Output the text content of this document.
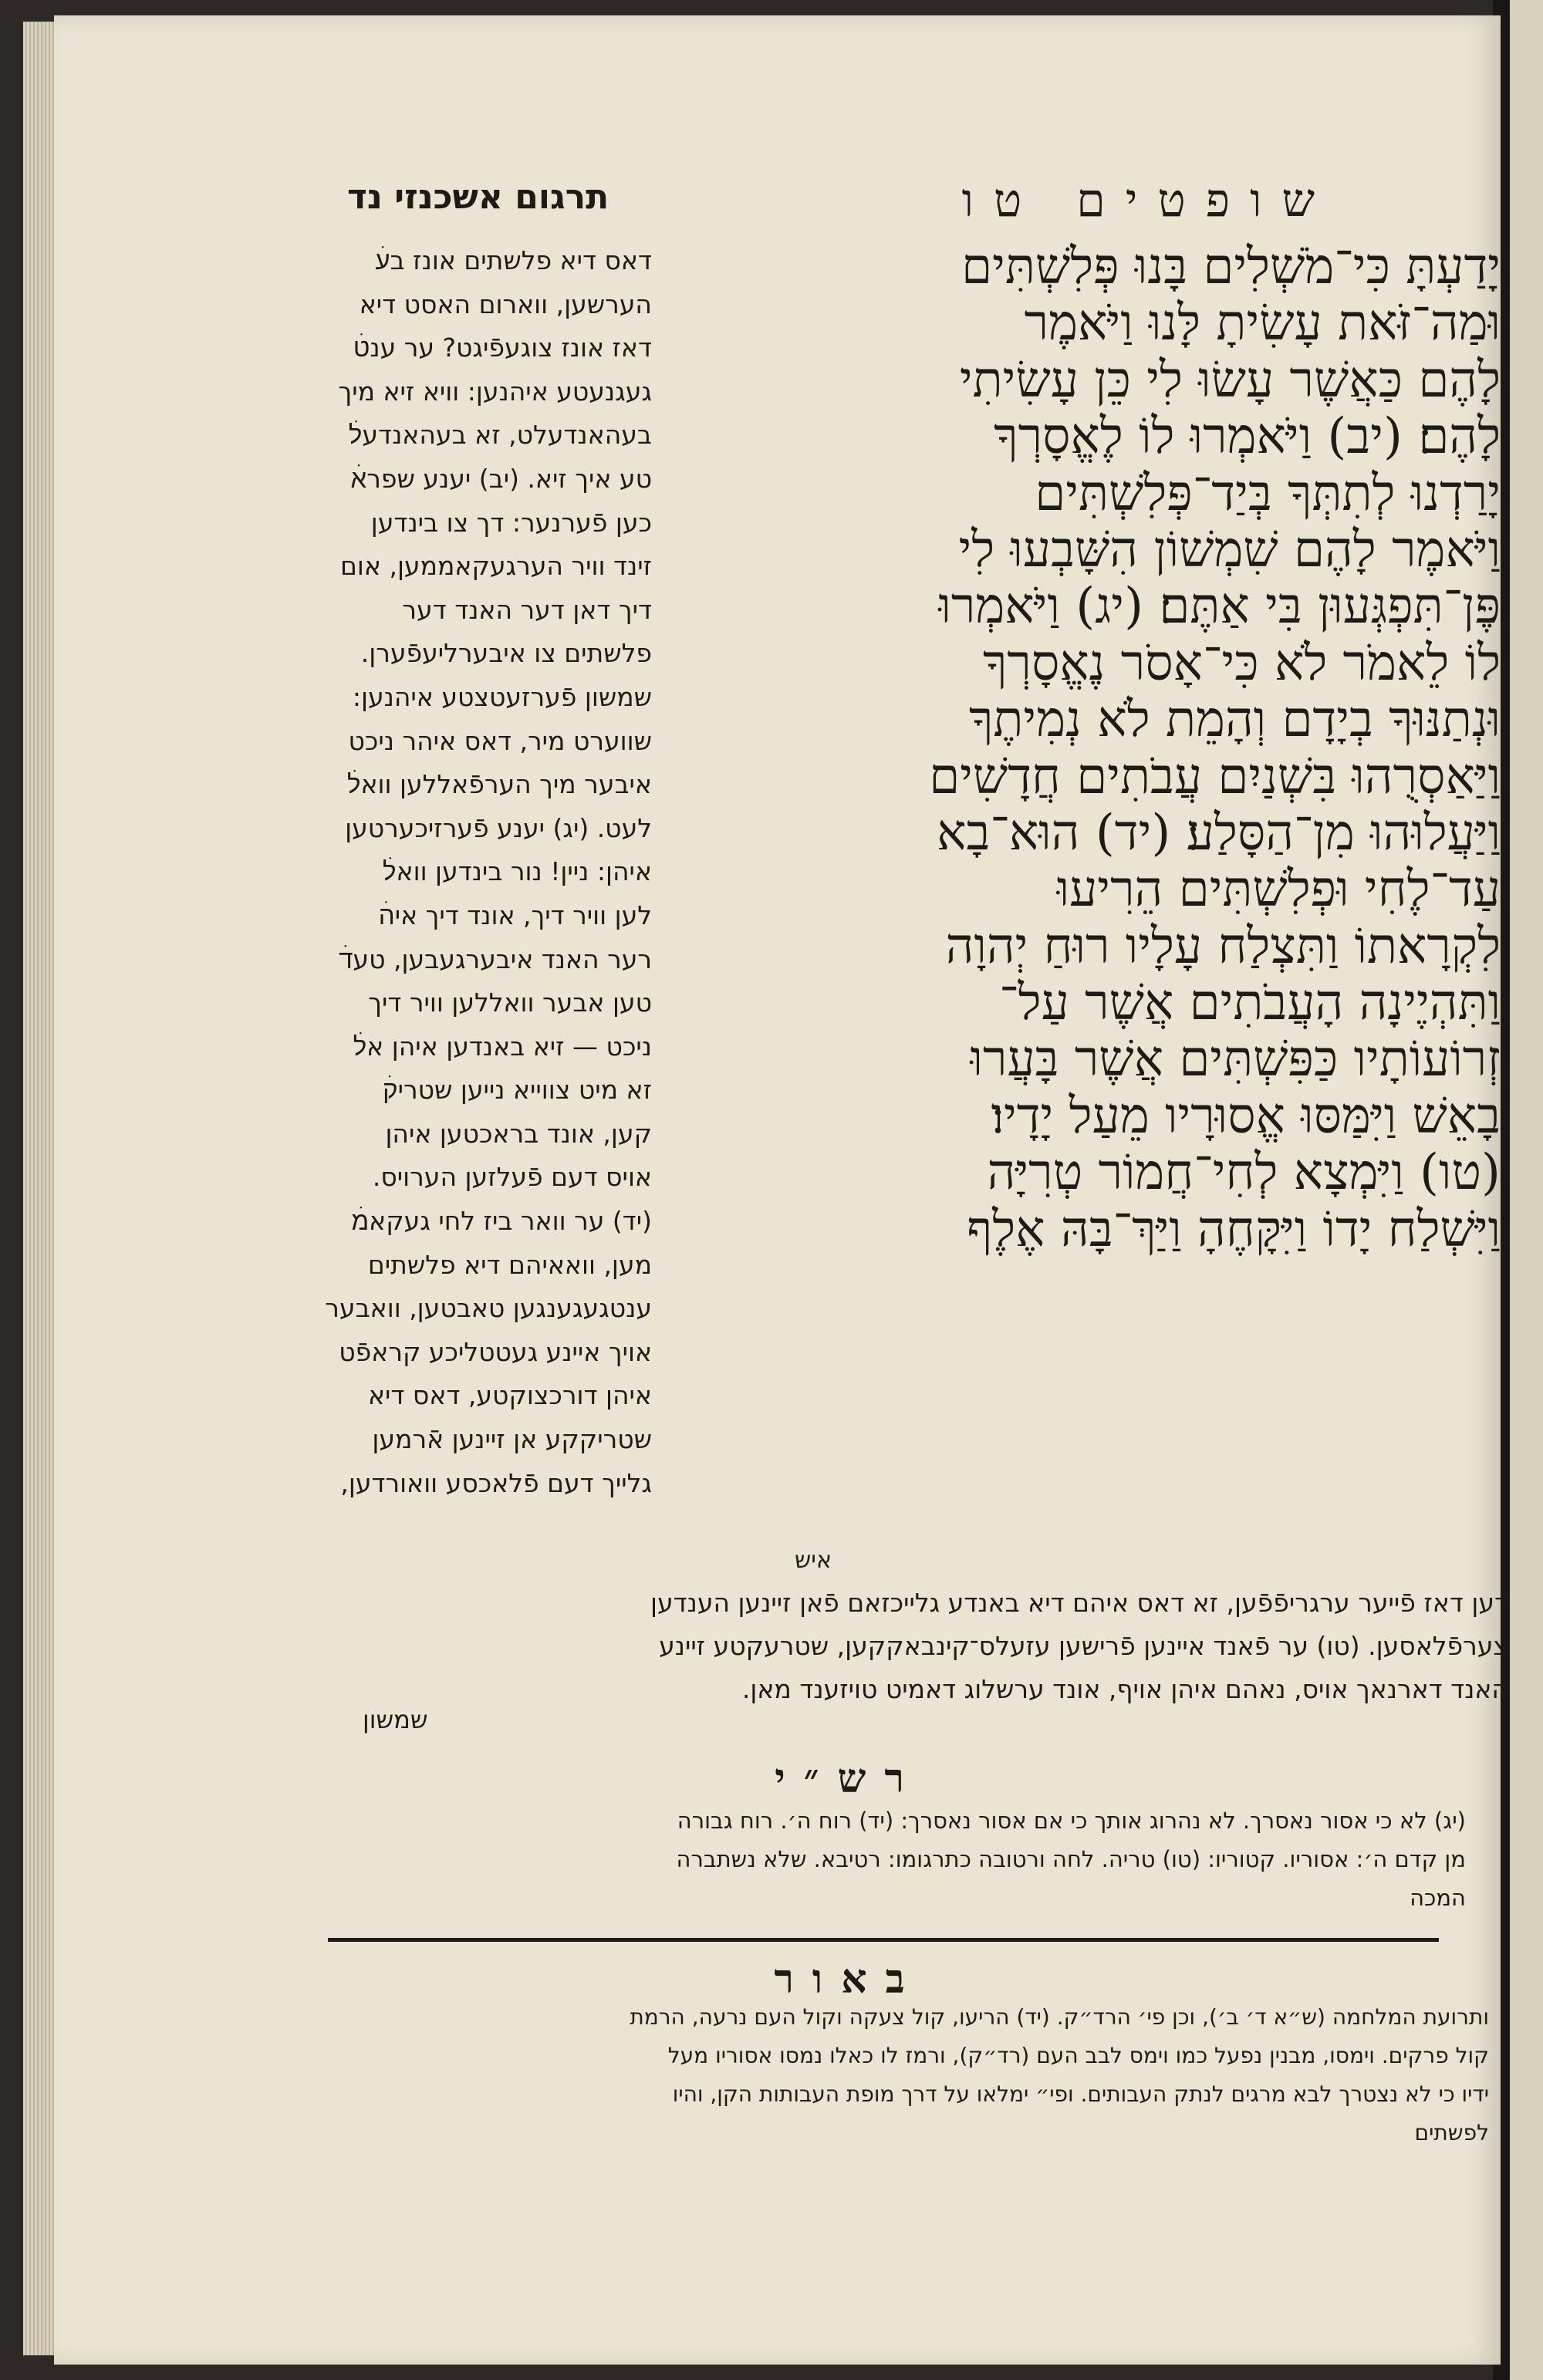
שופטים טו
תרגום אשכנזי נד
יָדַעְתָּ כִּי־מֹשְׁלִים בָּנוּ פְּלִשְׁתִּים
וּמַה־זֹּאת עָשִׂיתָ לָּנוּ וַיֹּאמֶר
לָהֶם כַּאֲשֶׁר עָשׂוּ לִי כֵּן עָשִׂיתִי
לָהֶם׃ (יב) וַיֹּאמְרוּ לוֹ לֶאֱסָרְךָ
יָרַדְנוּ לְתִתְּךָ בְּיַד־פְּלִשְׁתִּים
וַיֹּאמֶר לָהֶם שִׁמְשׁוֹן הִשָּׁבְעוּ לִי
פֶּן־תִּפְגְּעוּן בִּי אַתֶּם׃ (יג) וַיֹּאמְרוּ
לוֹ לֵאמֹר לֹא כִּי־אָסֹר נֶאֱסָרְךָ
וּנְתַנּוּךָ בְיָדָם וְהָמֵת לֹא נְמִיתֶךָ
וַיַּאַסְרֻהוּ בִּשְׁנַיִם עֲבֹתִים חֲדָשִׁים
וַיַּעֲלוּהוּ מִן־הַסָּלַע׃ (יד) הוּא־בָא
עַד־לֶחִי וּפְלִשְׁתִּים הֵרִיעוּ
לִקְרָאתוֹ וַתִּצְלַח עָלָיו רוּחַ יְהוָה
וַתִּהְיֶינָה הָעֲבֹתִים אֲשֶׁר עַל־
זְרוֹעוֹתָיו כַּפִּשְׁתִּים אֲשֶׁר בָּעֲרוּ
בָאֵשׁ וַיִּמַּסּוּ אֱסוּרָיו מֵעַל יָדָיו׃
(טו) וַיִּמְצָא לְחִי־חֲמוֹר טְרִיָּה
וַיִּשְׁלַח יָדוֹ וַיִּקָּחֶהָ וַיַּךְ־בָּהּ אֶלֶף
איש
דאס דיא פלשתים אונז בעׄ
הערשען, ווארום האסט דיא
דאז אונז צוגעפֿיגט? ער ענטׄ
געגנעטע איהנען: וויא זיא מיך
בעהאנדעלט, זא בעהאנדעלׄ
טע איך זיא. (יב) יענע שפראׄ
כען פֿערנער: דך צו בינדען
זינד וויר הערגעקאממען, אום
דיך דאן דער האנד דער
פלשתים צו איבערליעפֿערן.
שמשון פֿערזעטצטע איהנען:
שווערט מיר, דאס איהר ניכט
איבער מיך הערפֿאללען וואלׄ
לעט. (יג) יענע פֿערזיכערטען
איהן: ניין! נור בינדען וואלׄ
לען וויר דיך, אונד דיך איהׄ
רער האנד איבערגעבען, טעדׄ
טען אבער וואללען וויר דיך
ניכט — זיא באנדען איהן אלׄ
זא מיט צווייא נייען שטריקׄ
קען, אונד בראכטען איהן
אויס דעם פֿעלזען הערויס.
(יד) ער וואר ביז לחי געקאמׄ
מען, וואאיהם דיא פלשתים
ענטגעגענגען טאבטען, וואבער
אויך איינע געטטליכע קראפֿט
איהן דורכצוקטע, דאס דיא
שטריקקע אן זיינען אֿרמען
גלייך דעם פֿלאכסע וואורדען,
דען דאז פֿייער ערגריפֿפֿען, זא דאס איהם דיא באנדע גלייכזאם פֿאן זיינען הענדען
צערפֿלאסען. (טו) ער פֿאנד איינען פֿרישען עזעלס־קינבאקקען, שטרעקטע זיינע
האנד דארנאך אויס, נאהם איהן אויף, אונד ערשלוג דאמיט טויזענד מאן.
שמשון
רש״י
(יג) לא כי אסור נאסרך. לא נהרוג אותך כי אם אסור נאסרך: (יד) רוח ה׳. רוח גבורה
מן קדם ה׳: אסוריו. קטוריו: (טו) טריה. לחה ורטובה כתרגומו: רטיבא. שלא נשתברה
המכה
באור
ותרועת המלחמה (ש״א ד׳ ב׳), וכן פי׳ הרד״ק. (יד) הריעו, קול צעקה וקול העם נרעה, הרמת
קול פרקים. וימסו, מבנין נפעל כמו וימס לבב העם (רד״ק), ורמז לו כאלו נמסו אסוריו מעל
ידיו כי לא נצטרך לבא מרגים לנתק העבותים. ופי״ ימלאו על דרך מופת העבותות הקן, והיו
לפשתים
